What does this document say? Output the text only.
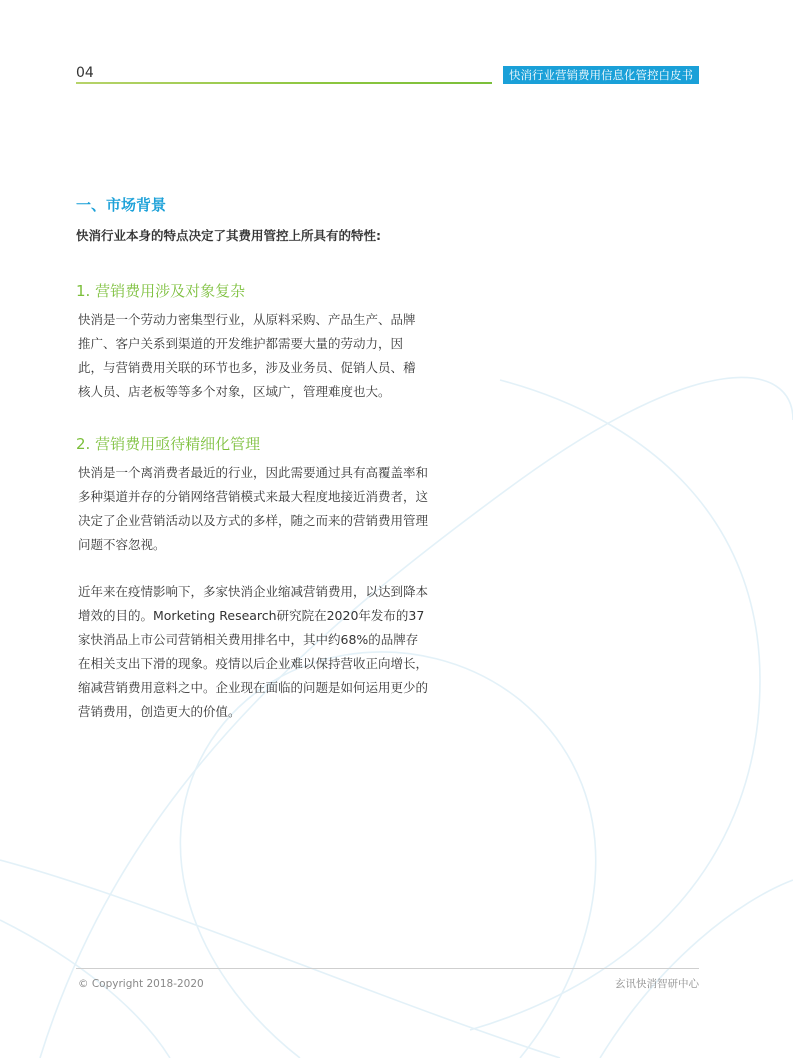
04	快消行业营销费用信息化管控白皮书
一、市场背景
快消行业本身的特点决定了其费用管控上所具有的特性:
1. 营销费用涉及对象复杂
快消是一个劳动力密集型行业，从原料采购、产品生产、品牌
推广、客户关系到渠道的开发维护都需要大量的劳动力，因
此，与营销费用关联的环节也多，涉及业务员、促销人员、稽
核人员、店老板等等多个对象，区域广，管理难度也大。
2. 营销费用亟待精细化管理
快消是一个离消费者最近的行业，因此需要通过具有高覆盖率和
多种渠道并存的分销网络营销模式来最大程度地接近消费者，这
决定了企业营销活动以及方式的多样，随之而来的营销费用管理
问题不容忽视。
近年来在疫情影响下，多家快消企业缩减营销费用，以达到降本
增效的目的。Morketing Research研究院在2020年发布的37
家快消品上市公司营销相关费用排名中，其中约68%的品牌存
在相关支出下滑的现象。疫情以后企业难以保持营收正向增长，
缩减营销费用意料之中。企业现在面临的问题是如何运用更少的
营销费用，创造更大的价值。
© Copyright 2018-2020	玄讯快消智研中心
